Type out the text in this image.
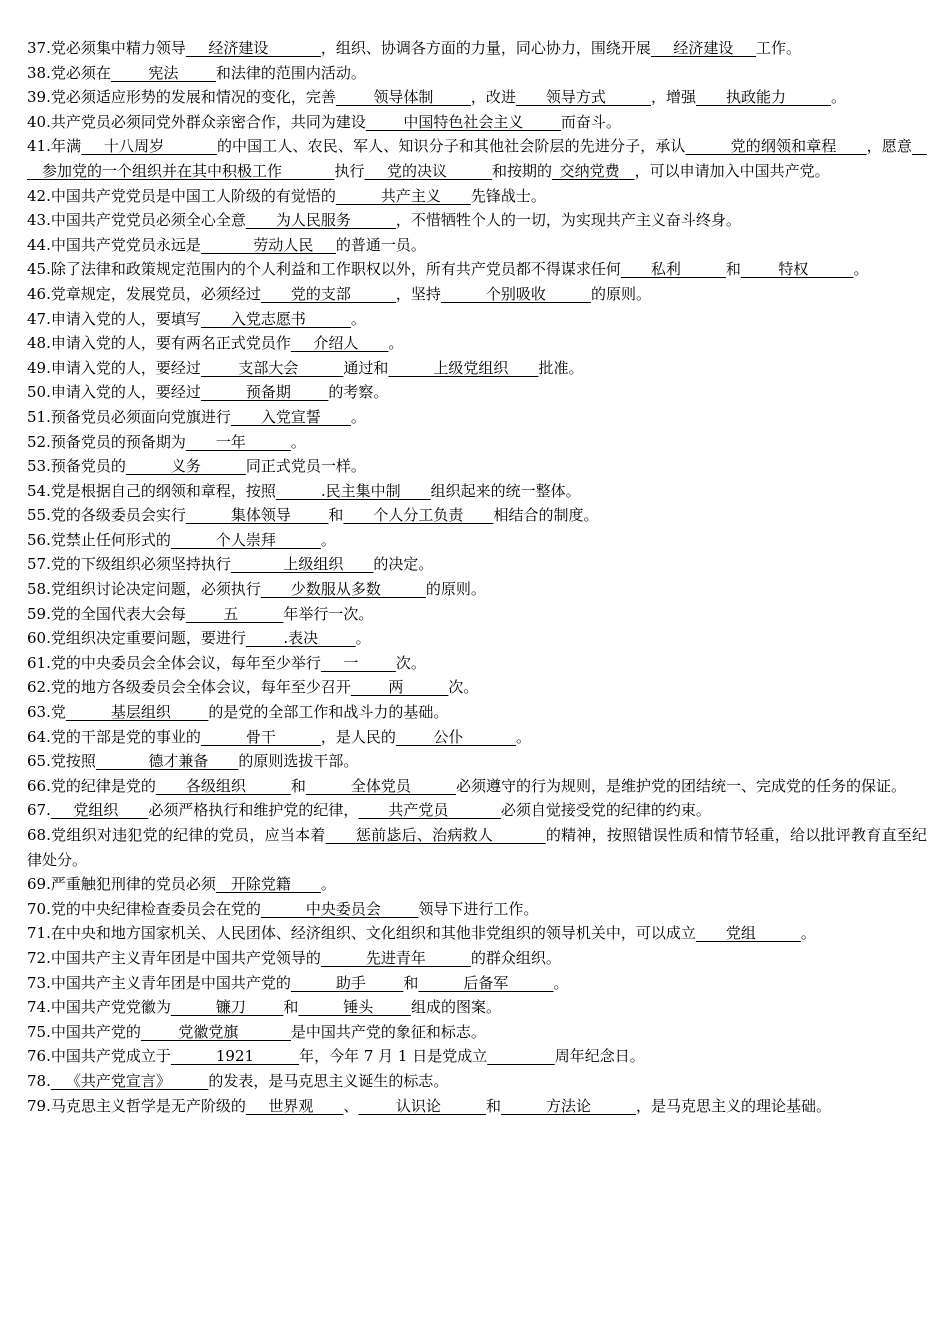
37.党必须集中精力领导   经济建设       ，组织、协调各方面的力量，同心协力，围绕开展   经济建设   工作。

38.党必须在     宪法     和法律的范围内活动。

39.党必须适应形势的发展和情况的变化，完善     领导体制     ，改进    领导方式      ，增强    执政能力      。

40.共产党员必须同党外群众亲密合作，共同为建设     中国特色社会主义     而奋斗。

41.年满   十八周岁       的中国工人、农民、军人、知识分子和其他社会阶层的先进分子，承认      党的纲领和章程    ，愿意    参加党的一个组织并在其中积极工作       执行   党的决议      和按期的 交纳党费  ，可以申请加入中国共产党。

42.中国共产党党员是中国工人阶级的有觉悟的      共产主义    先锋战士。

43.中国共产党党员必须全心全意    为人民服务      ，不惜牺牲个人的一切，为实现共产主义奋斗终身。

44.中国共产党党员永远是       劳动人民   的普通一员。

45.除了法律和政策规定范围内的个人利益和工作职权以外，所有共产党员都不得谋求任何    私利      和     特权      。

46.党章规定，发展党员，必须经过    党的支部      ，坚持      个别吸收      的原则。

47.申请入党的人，要填写    入党志愿书      。

48.申请入党的人，要有两名正式党员作   介绍人    。

49.申请入党的人，要经过     支部大会      通过和      上级党组织    批准。

50.申请入党的人，要经过      预备期     的考察。

51.预备党员必须面向党旗进行    入党宣誓    。

52.预备党员的预备期为    一年      。

53.预备党员的      义务      同正式党员一样。

54.党是根据自己的纲领和章程，按照      .民主集中制    组织起来的统一整体。

55.党的各级委员会实行      集体领导     和    个人分工负责    相结合的制度。

56.党禁止任何形式的      个人崇拜      。

57.党的下级组织必须坚持执行       上级组织    的决定。

58.党组织讨论决定问题，必须执行    少数服从多数      的原则。

59.党的全国代表大会每     五      年举行一次。

60.党组织决定重要问题，要进行     .表决     。

61.党的中央委员会全体会议，每年至少举行   一     次。

62.党的地方各级委员会全体会议，每年至少召开     两      次。

63.党      基层组织     的是党的全部工作和战斗力的基础。

64.党的干部是党的事业的      骨干      ，是人民的     公仆       。

65.党按照       德才兼备    的原则选拔干部。

66.党的纪律是党的    各级组织      和      全体党员      必须遵守的行为规则，是维护党的团结统一、完成党的任务的保证。

67.   党组织    必须严格执行和维护党的纪律，    共产党员       必须自觉接受党的纪律的约束。

68.党组织对违犯党的纪律的党员，应当本着    惩前毖后、治病救人       的精神，按照错误性质和情节轻重，给以批评教育直至纪律处分。

69.严重触犯刑律的党员必须  开除党籍    。

70.党的中央纪律检查委员会在党的      中央委员会     领导下进行工作。

71.在中央和地方国家机关、人民团体、经济组织、文化组织和其他非党组织的领导机关中，可以成立    党组      。

72.中国共产主义青年团是中国共产党领导的      先进青年      的群众组织。

73.中国共产主义青年团是中国共产党的      助手     和      后备军      。

74.中国共产党党徽为      镰刀     和      锤头     组成的图案。

75.中国共产党的     党徽党旗       是中国共产党的象征和标志。

76.中国共产党成立于      1921      年，今年 7 月 1 日是党成立         	周年纪念日。

78.  《共产党宣言》     的发表，是马克思主义诞生的标志。

79.马克思主义哲学是无产阶级的   世界观    、     认识论      和      方法论      ，是马克思主义的理论基础。
